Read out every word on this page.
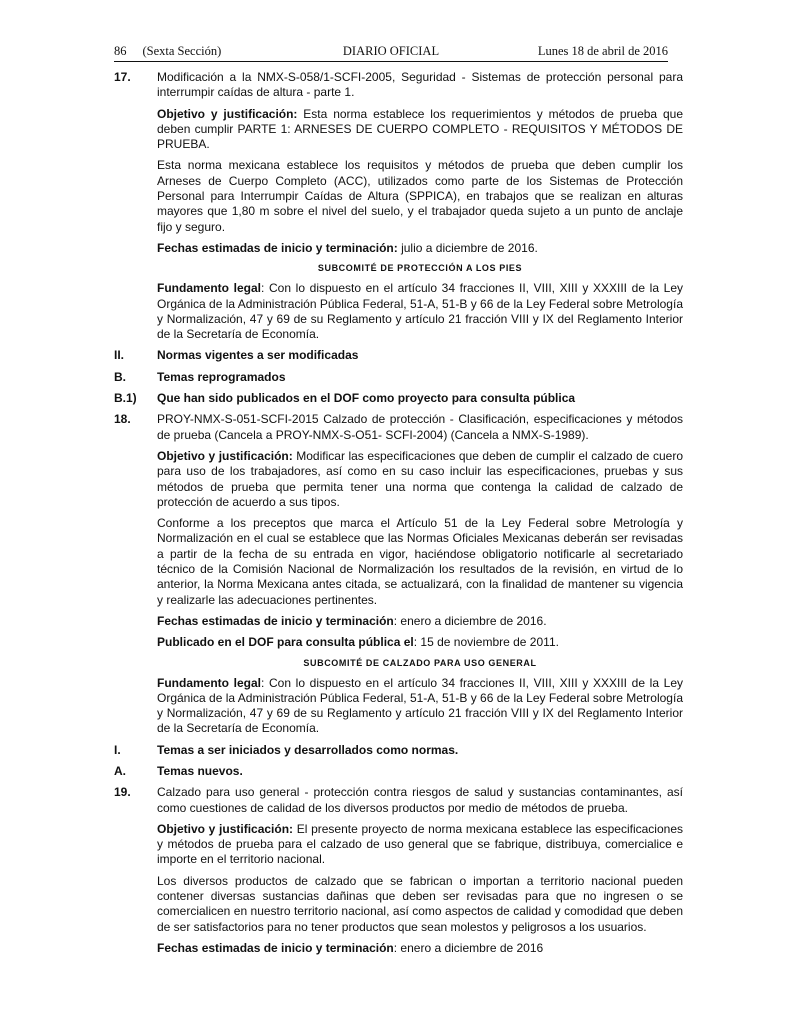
86 (Sexta Sección)	DIARIO OFICIAL	Lunes 18 de abril de 2016
17. Modificación a la NMX-S-058/1-SCFI-2005, Seguridad - Sistemas de protección personal para interrumpir caídas de altura - parte 1.
Objetivo y justificación: Esta norma establece los requerimientos y métodos de prueba que deben cumplir PARTE 1: ARNESES DE CUERPO COMPLETO - REQUISITOS Y MÉTODOS DE PRUEBA.
Esta norma mexicana establece los requisitos y métodos de prueba que deben cumplir los Arneses de Cuerpo Completo (ACC), utilizados como parte de los Sistemas de Protección Personal para Interrumpir Caídas de Altura (SPPICA), en trabajos que se realizan en alturas mayores que 1,80 m sobre el nivel del suelo, y el trabajador queda sujeto a un punto de anclaje fijo y seguro.
Fechas estimadas de inicio y terminación: julio a diciembre de 2016.
SUBCOMITÉ DE PROTECCIÓN A LOS PIES
Fundamento legal: Con lo dispuesto en el artículo 34 fracciones II, VIII, XIII y XXXIII de la Ley Orgánica de la Administración Pública Federal, 51-A, 51-B y 66 de la Ley Federal sobre Metrología y Normalización, 47 y 69 de su Reglamento y artículo 21 fracción VIII y IX del Reglamento Interior de la Secretaría de Economía.
II.	Normas vigentes a ser modificadas
B.	Temas reprogramados
B.1) Que han sido publicados en el DOF como proyecto para consulta pública
18. PROY-NMX-S-051-SCFI-2015 Calzado de protección - Clasificación, especificaciones y métodos de prueba (Cancela a PROY-NMX-S-O51- SCFI-2004) (Cancela a NMX-S-1989).
Objetivo y justificación: Modificar las especificaciones que deben de cumplir el calzado de cuero para uso de los trabajadores, así como en su caso incluir las especificaciones, pruebas y sus métodos de prueba que permita tener una norma que contenga la calidad de calzado de protección de acuerdo a sus tipos.
Conforme a los preceptos que marca el Artículo 51 de la Ley Federal sobre Metrología y Normalización en el cual se establece que las Normas Oficiales Mexicanas deberán ser revisadas a partir de la fecha de su entrada en vigor, haciéndose obligatorio notificarle al secretariado técnico de la Comisión Nacional de Normalización los resultados de la revisión, en virtud de lo anterior, la Norma Mexicana antes citada, se actualizará, con la finalidad de mantener su vigencia y realizarle las adecuaciones pertinentes.
Fechas estimadas de inicio y terminación: enero a diciembre de 2016.
Publicado en el DOF para consulta pública el: 15 de noviembre de 2011.
SUBCOMITÉ DE CALZADO PARA USO GENERAL
Fundamento legal: Con lo dispuesto en el artículo 34 fracciones II, VIII, XIII y XXXIII de la Ley Orgánica de la Administración Pública Federal, 51-A, 51-B y 66 de la Ley Federal sobre Metrología y Normalización, 47 y 69 de su Reglamento y artículo 21 fracción VIII y IX del Reglamento Interior de la Secretaría de Economía.
I.	Temas a ser iniciados y desarrollados como normas.
A.	Temas nuevos.
19. Calzado para uso general - protección contra riesgos de salud y sustancias contaminantes, así como cuestiones de calidad de los diversos productos por medio de métodos de prueba.
Objetivo y justificación: El presente proyecto de norma mexicana establece las especificaciones y métodos de prueba para el calzado de uso general que se fabrique, distribuya, comercialice e importe en el territorio nacional.
Los diversos productos de calzado que se fabrican o importan a territorio nacional pueden contener diversas sustancias dañinas que deben ser revisadas para que no ingresen o se comercialicen en nuestro territorio nacional, así como aspectos de calidad y comodidad que deben de ser satisfactorios para no tener productos que sean molestos y peligrosos a los usuarios.
Fechas estimadas de inicio y terminación: enero a diciembre de 2016
